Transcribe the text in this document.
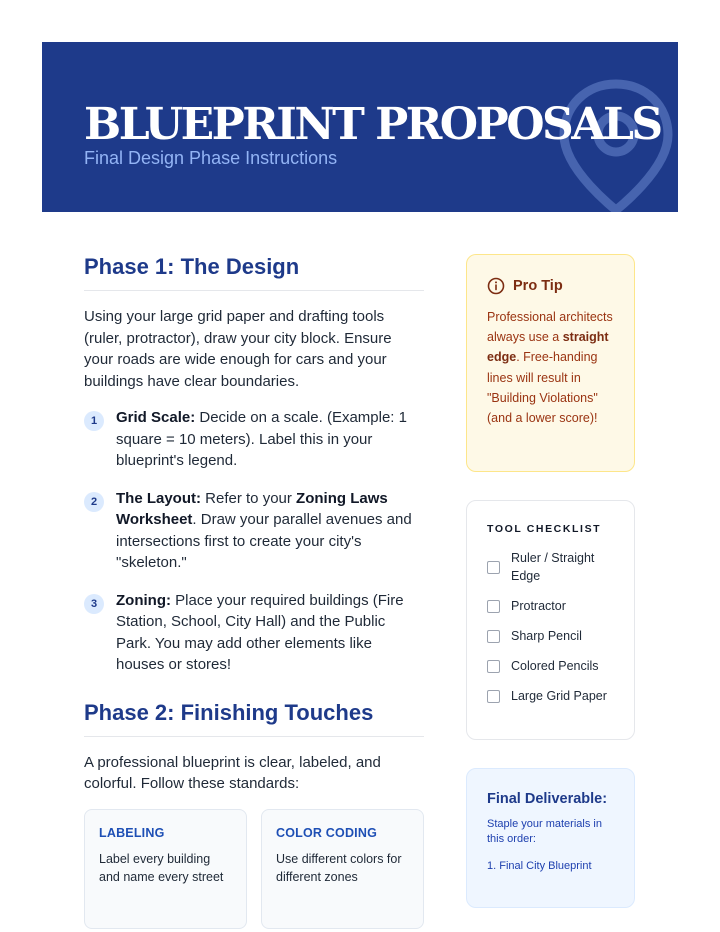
BLUEPRINT PROPOSALS
Final Design Phase Instructions
Phase 1: The Design

Using your large grid paper and drafting tools (ruler, protractor), draw your city block. Ensure your roads are wide enough for cars and your buildings have clear boundaries.

1	Grid Scale: Decide on a scale. (Example: 1 square = 10 meters). Label this in your blueprint's legend.
2	The Layout: Refer to your Zoning Laws Worksheet. Draw your parallel avenues and intersections first to create your city's "skeleton."
3	Zoning: Place your required buildings (Fire Station, School, City Hall) and the Public Park. You may add other elements like houses or stores!
Phase 2: Finishing Touches

A professional blueprint is clear, labeled, and colorful. Follow these standards:

LABELING
Label every building and name every street
COLOR CODING
Use different colors for different zones
Pro Tip

Professional architects always use a straight edge. Free-handing lines will result in "Building Violations" (and a lower score)!

TOOL CHECKLIST
Ruler / Straight Edge
Protractor
Sharp Pencil
Colored Pencils
Large Grid Paper
Final Deliverable:

Staple your materials in this order:

1. Final City Blueprint
